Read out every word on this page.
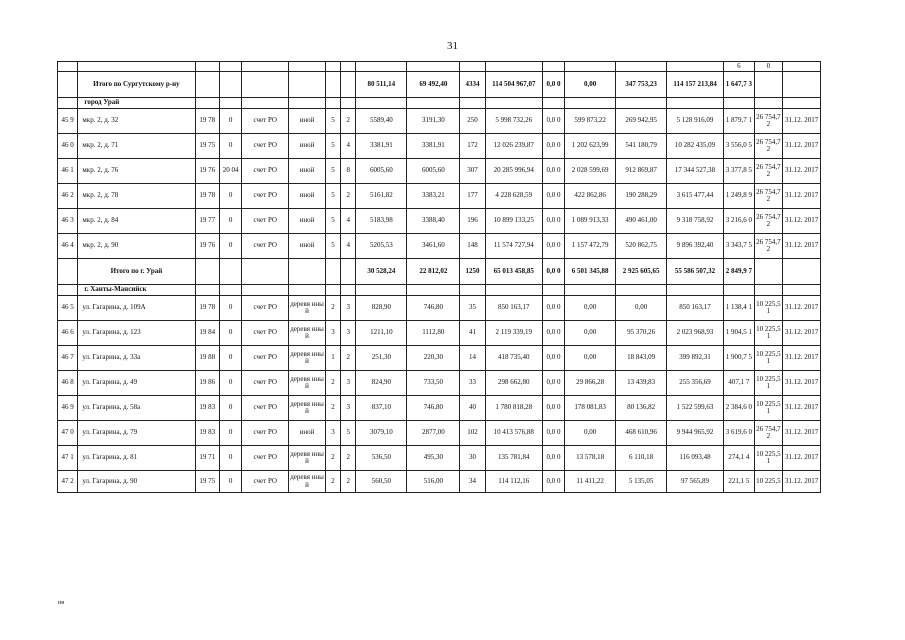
31
																6	0	
	Итого по Сургутскому р-ну							80 511,14	69 492,40	4334	114 504 967,07	0,0 0	0,00	347 753,23	114 157 213,84	1 647,7 3		
	город Урай																	
45 9	мкр. 2, д. 32	19 78	0	счет РО	иной	5	2	5589,40	3191,30	250	5 998 732,26	0,0 0	599 873,22	269 942,95	5 128 916,09	1 879,7 1	26 754,7 2	31.12. 2017
46 0	мкр. 2, д. 71	19 75	0	счет РО	иной	5	4	3381,91	3381,91	172	12 026 239,87	0,0 0	1 202 623,99	541 180,79	10 282 435,09	3 556,0 5	26 754,7 2	31.12. 2017
46 1	мкр. 2, д. 76	19 76	20 04	счет РО	иной	5	8	6005,60	6005,60	307	20 285 996,94	0,0 0	2 028 599,69	912 869,87	17 344 527,38	3 377,8 5	26 754,7 2	31.12. 2017
46 2	мкр. 2, д. 78	19 78	0	счет РО	иной	5	2	5161,82	3383,21	177	4 228 628,59	0,0 0	422 862,86	190 288,29	3 615 477,44	1 249,8 9	26 754,7 2	31.12. 2017
46 3	мкр. 2, д. 84	19 77	0	счет РО	иной	5	4	5183,98	3388,40	196	10 899 133,25	0,0 0	1 089 913,33	490 461,00	9 318 758,92	3 216,6 0	26 754,7 2	31.12. 2017
46 4	мкр. 2, д. 90	19 76	0	счет РО	иной	5	4	5205,53	3461,60	148	11 574 727,94	0,0 0	1 157 472,79	520 862,75	9 896 392,40	3 343,7 5	26 754,7 2	31.12. 2017
	Итого по г. Урай							30 528,24	22 812,02	1250	65 013 458,85	0,0 0	6 501 345,88	2 925 605,65	55 586 507,32	2 849,9 7		
	г. Ханты-Мансийск																	
46 5	ул. Гагарина, д. 109А	19 78	0	счет РО	деревя нный	2	3	828,90	746,80	35	850 163,17	0,0 0	0,00	0,00	850 163,17	1 138,4 1	10 225,5 1	31.12. 2017
46 6	ул. Гагарина, д. 123	19 84	0	счет РО	деревя нный	3	3	1211,10	1112,80	41	2 119 339,19	0,0 0	0,00	95 370,26	2 023 968,93	1 904,5 1	10 225,5 1	31.12. 2017
46 7	ул. Гагарина, д. 33а	19 88	0	счет РО	деревя нный	1	2	251,30	220,30	14	418 735,40	0,0 0	0,00	18 843,09	399 892,31	1 900,7 5	10 225,5 1	31.12. 2017
46 8	ул. Гагарина, д. 49	19 86	0	счет РО	деревя нный	2	3	824,90	733,50	33	298 662,80	0,0 0	29 866,28	13 439,83	255 356,69	407,1 7	10 225,5 1	31.12. 2017
46 9	ул. Гагарина, д. 58а	19 83	0	счет РО	деревя нный	2	3	837,10	746,80	40	1 780 818,28	0,0 0	178 081,83	80 136,82	1 522 599,63	2 384,6 0	10 225,5 1	31.12. 2017
47 0	ул. Гагарина, д. 79	19 83	0	счет РО	иной	3	5	3079,10	2877,00	102	10 413 576,88	0,0 0	0,00	468 610,96	9 944 965,92	3 619,6 0	26 754,7 2	31.12. 2017
47 1	ул. Гагарина, д. 81	19 71	0	счет РО	деревя нный	2	2	536,50	495,30	30	135 781,84	0,0 0	13 578,18	6 110,18	116 093,48	274,1 4	10 225,5 1	31.12. 2017
47 2	ул. Гагарина, д. 90	19 75	0	счет РО	деревя нный	2	2	560,50	516,00	34	114 112,16	0,0 0	11 411,22	5 135,05	97 565,89	221,1 5	10 225,5	31.12. 2017
нн
